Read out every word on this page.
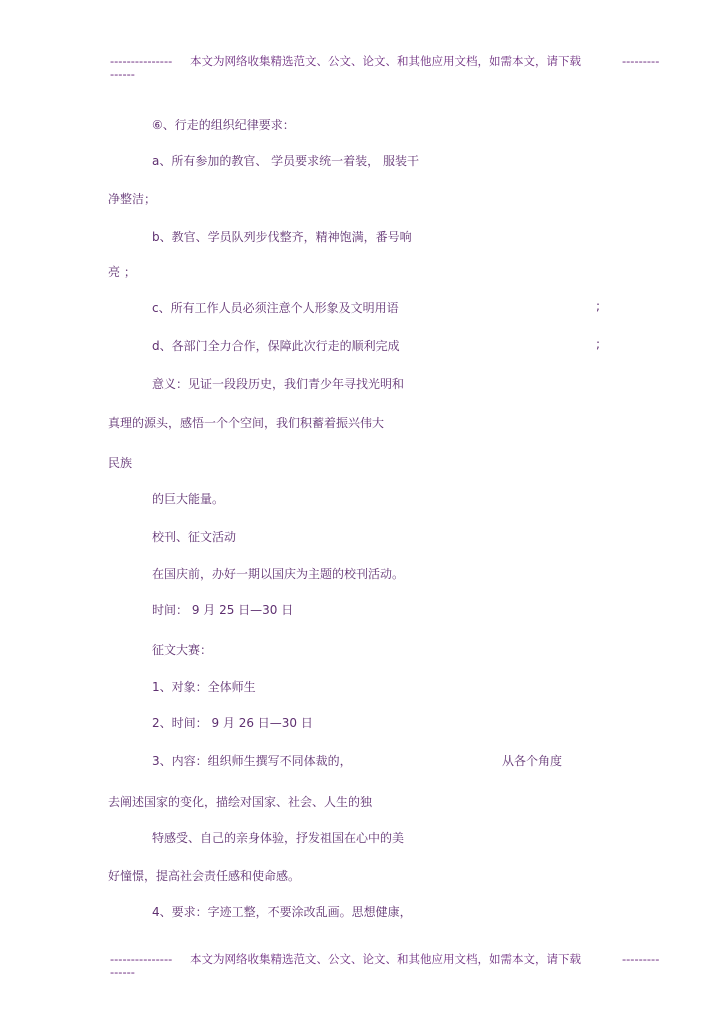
--------------- 本文为网络收集精选范文、公文、论文、和其他应用文档，如需本文，请下载	---------
------
⑥、行走的组织纪律要求：
a、所有参加的教官、 学员要求统一着装， 服装干
净整洁；
b、教官、学员队列步伐整齐，精神饱满，番号响
亮 ；
c、所有工作人员必须注意个人形象及文明用语	;
d、各部门全力合作，保障此次行走的顺利完成	;
意义：见证一段段历史，我们青少年寻找光明和
真理的源头，感悟一个个空间，我们积蓄着振兴伟大
民族
的巨大能量。
校刊、征文活动
在国庆前，办好一期以国庆为主题的校刊活动。
时间： 9 月 25 日—30 日
征文大赛：
1、对象：全体师生
2、时间： 9 月 26 日—30 日
3、内容：组织师生撰写不同体裁的，	从各个角度
去阐述国家的变化，描绘对国家、社会、人生的独
特感受、自己的亲身体验，抒发祖国在心中的美
好憧憬，提高社会责任感和使命感。
4、要求：字迹工整，不要涂改乱画。思想健康，
--------------- 本文为网络收集精选范文、公文、论文、和其他应用文档，如需本文，请下载	---------
------
